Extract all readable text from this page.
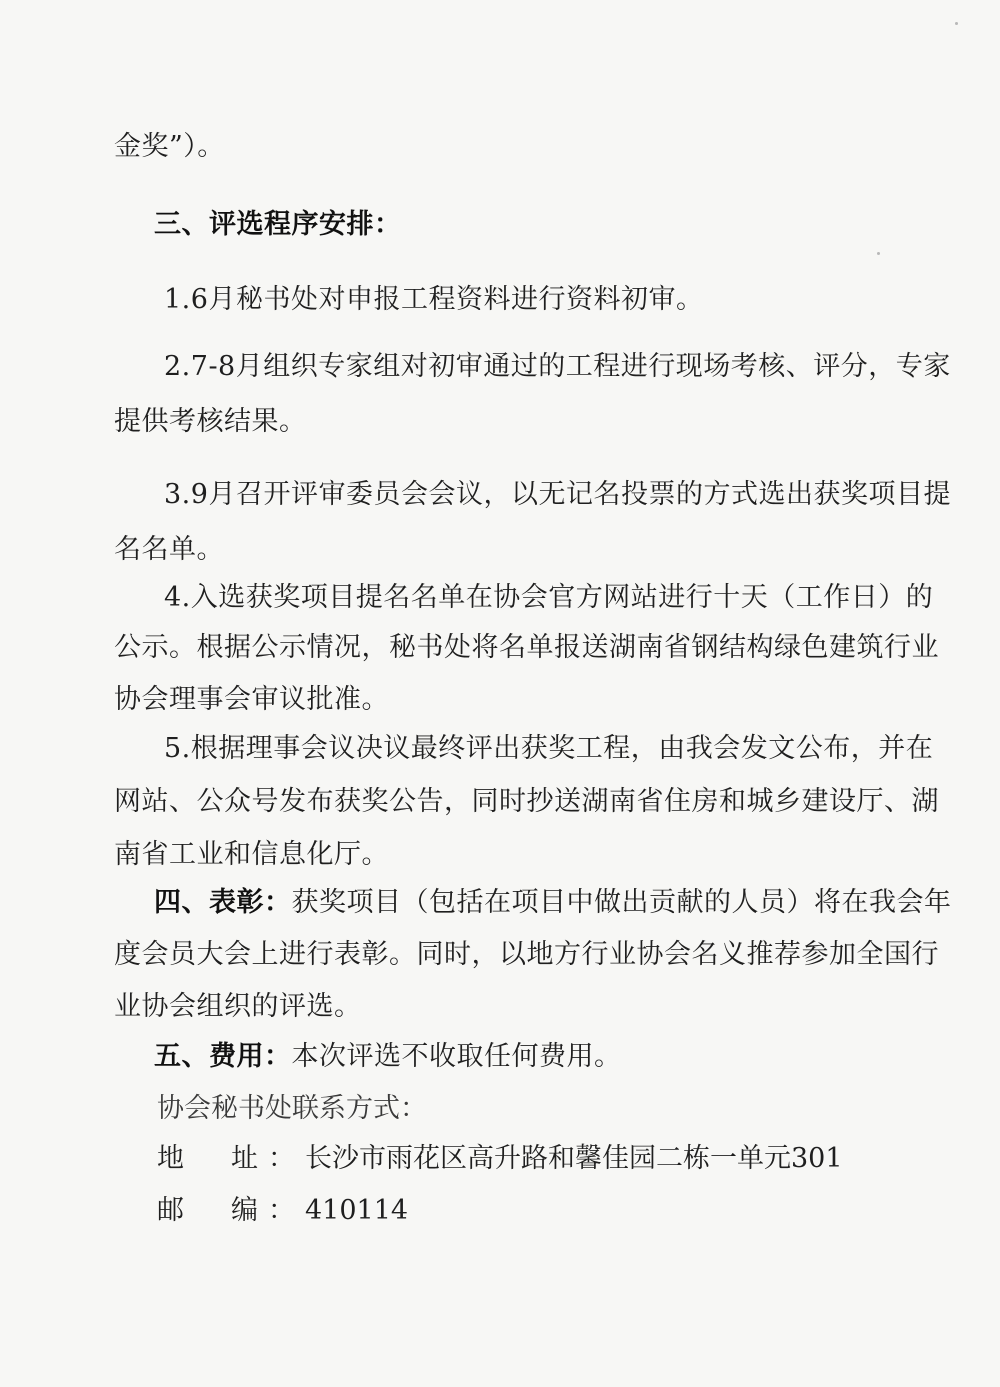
金奖”）。
三、评选程序安排：
1.6月秘书处对申报工程资料进行资料初审。
2.7-8月组织专家组对初审通过的工程进行现场考核、评分，专家
提供考核结果。
3.9月召开评审委员会会议，以无记名投票的方式选出获奖项目提
名名单。
4.入选获奖项目提名名单在协会官方网站进行十天（工作日）的
公示。根据公示情况，秘书处将名单报送湖南省钢结构绿色建筑行业
协会理事会审议批准。
5.根据理事会议决议最终评出获奖工程，由我会发文公布，并在
网站、公众号发布获奖公告，同时抄送湖南省住房和城乡建设厅、湖
南省工业和信息化厅。
四、表彰：获奖项目（包括在项目中做出贡献的人员）将在我会年
度会员大会上进行表彰。同时，以地方行业协会名义推荐参加全国行
业协会组织的评选。
五、费用：本次评选不收取任何费用。
协会秘书处联系方式：
地　址：长沙市雨花区高升路和馨佳园二栋一单元301
邮　编：410114
